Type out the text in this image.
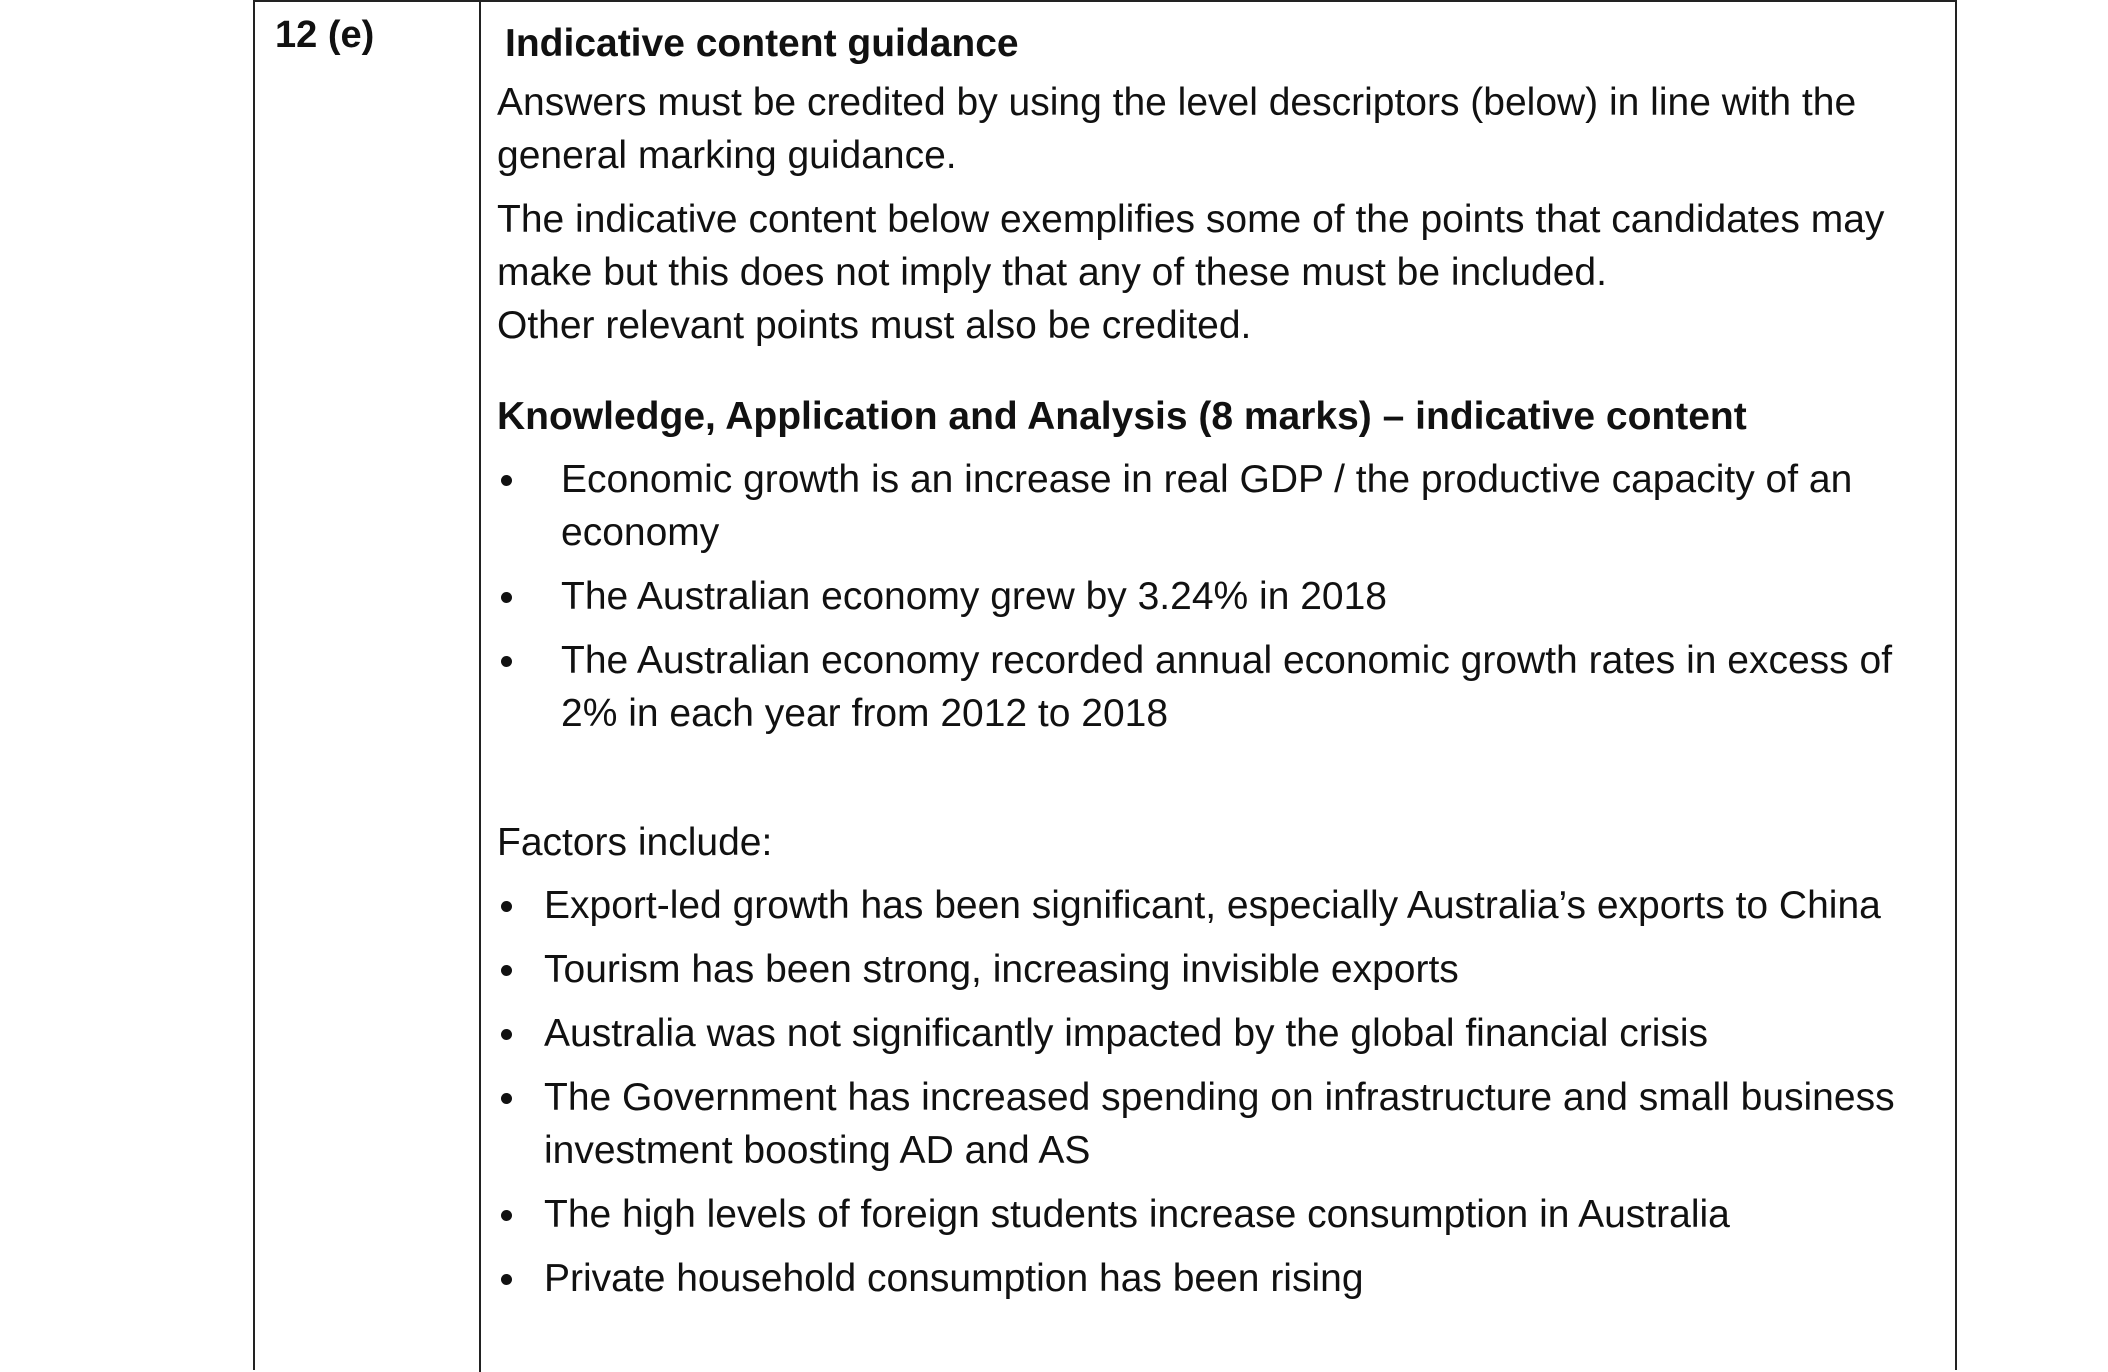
12 (e)	Indicative content guidance

Answers must be credited by using the level descriptors (below) in line with the general marking guidance.

The indicative content below exemplifies some of the points that candidates may make but this does not imply that any of these must be included.

Other relevant points must also be credited.

Knowledge, Application and Analysis (8 marks) – indicative content
Economic growth is an increase in real GDP / the productive capacity of an economy
The Australian economy grew by 3.24% in 2018
The Australian economy recorded annual economic growth rates in excess of 2% in each year from 2012 to 2018

Factors include:

Export-led growth has been significant, especially Australia’s exports to China
Tourism has been strong, increasing invisible exports
Australia was not significantly impacted by the global financial crisis
The Government has increased spending on infrastructure and small business investment boosting AD and AS
The high levels of foreign students increase consumption in Australia
Private household consumption has been rising
